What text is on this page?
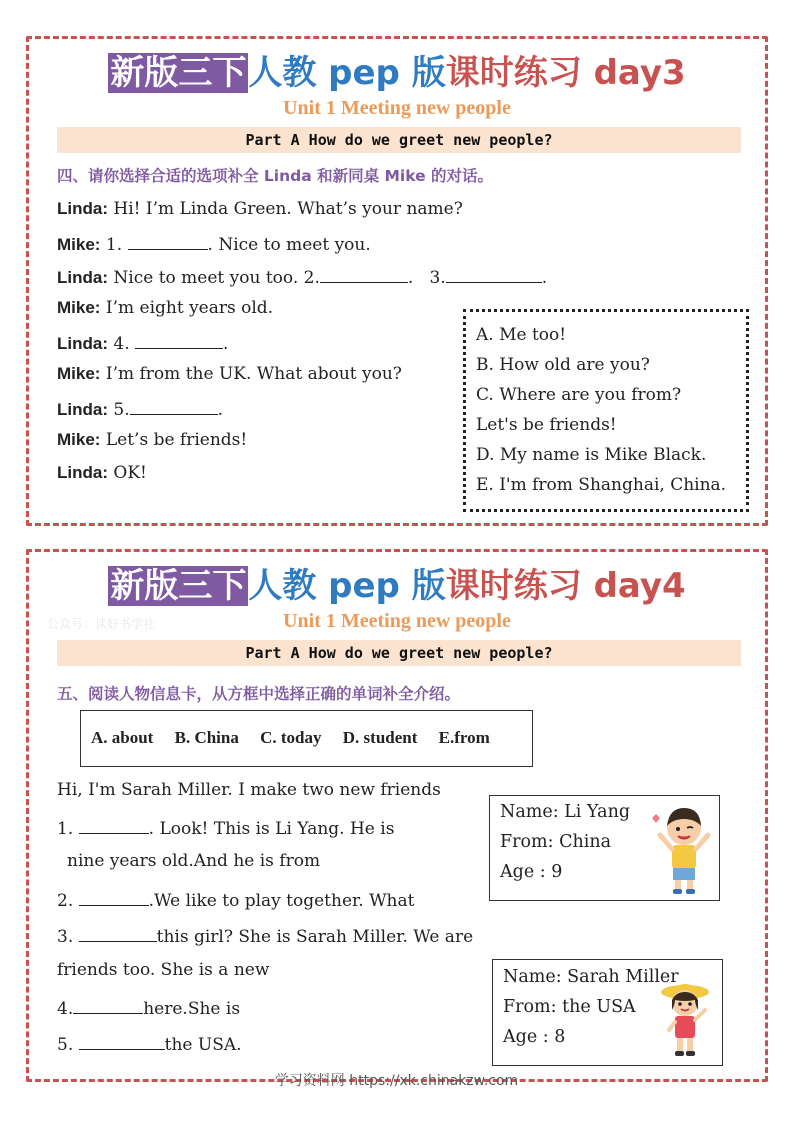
新版三下人教 pep 版课时练习 day3
Unit 1 Meeting new people
Part A How do we greet new people?
四、请你选择合适的选项补全 Linda 和新同桌 Mike 的对话。
Linda: Hi! I’m Linda Green. What’s your name?
Mike: 1.	. Nice to meet you.
Linda: Nice to meet you too. 2.	.   3.	.
Mike: I’m eight years old.
Linda: 4.	.
Mike: I’m from the UK. What about you?
Linda: 5.	.
Mike: Let’s be friends!
Linda: OK!
A. Me too!
B. How old are you?
C. Where are you from?
Let's be friends!
D. My name is Mike Black.
E. I'm from Shanghai, China.
新版三下人教 pep 版课时练习 day4
公众号：读好书学社	Unit 1 Meeting new people
Part A How do we greet new people?
五、阅读人物信息卡，从方框中选择正确的单词补全介绍。
A. about B. China C. today D. student E.from
Hi, I'm Sarah Miller. I make two new friends
1.	. Look! This is Li Yang. He is
nine years old.And he is from
2.	.We like to play together. What
3.	this girl? She is Sarah Miller. We are
friends too. She is a new
4.	here.She is
5.	the USA.
Name: Li Yang
From: China
Age : 9
Name: Sarah Miller
From: the USA
Age : 8
学习资料网 https://xk.chinakzw.com
